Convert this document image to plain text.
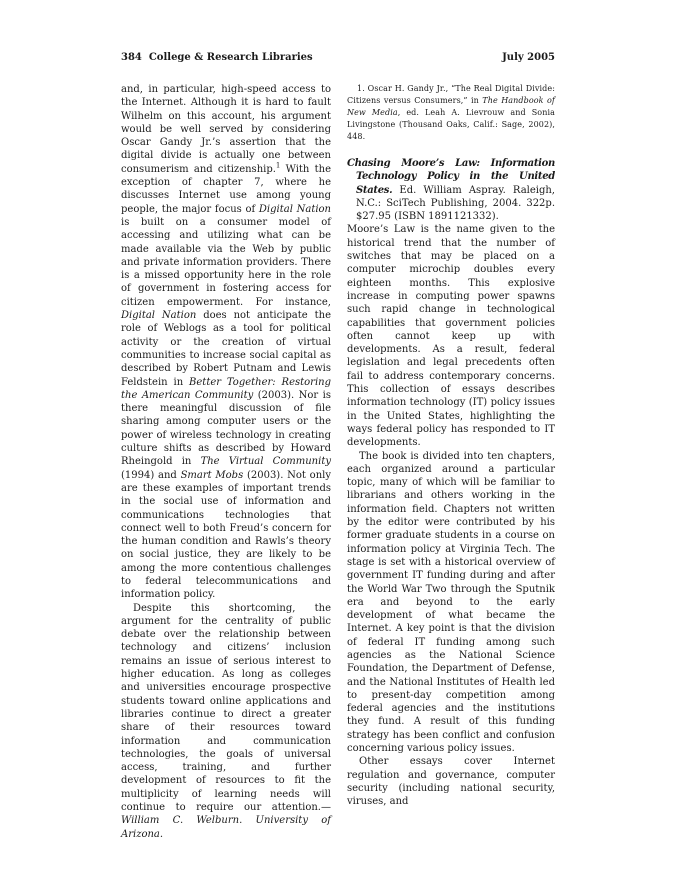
384 College & Research Libraries	July 2005

and, in particular, high-speed access to the Internet. Although it is hard to fault Wilhelm on this account, his argument would be well served by considering Oscar Gandy Jr.’s assertion that the digital divide is actually one between consumerism and citizenship.$^1$ With the exception of chapter 7, where he discusses Internet use among young people, the major focus of Digital Nation is built on a consumer model of accessing and utilizing what can be made available via the Web by public and private information providers. There is a missed opportunity here in the role of government in fostering access for citizen empowerment. For instance, Digital Nation does not anticipate the role of Weblogs as a tool for political activity or the creation of virtual communities to increase social capital as described by Robert Putnam and Lewis Feldstein in Better Together: Restoring the American Community (2003). Nor is there meaningful discussion of file sharing among computer users or the power of wireless technology in creating culture shifts as described by Howard Rheingold in The Virtual Community (1994) and Smart Mobs (2003). Not only are these examples of important trends in the social use of information and communications technologies that connect well to both Freud’s concern for the human condition and Rawls’s theory on social justice, they are likely to be among the more contentious challenges to federal telecommunications and information policy.

Despite this shortcoming, the argument for the centrality of public debate over the relationship between technology and citizens’ inclusion remains an issue of serious interest to higher education. As long as colleges and universities encourage prospective students toward online applications and libraries continue to direct a greater share of their resources toward information and communication technologies, the goals of universal access, training, and further development of resources to fit the multiplicity of learning needs will continue to require our attention.—William C. Welburn. University of Arizona.

1. Oscar H. Gandy Jr., “The Real Digital Divide: Citizens versus Consumers,” in The Handbook of New Media, ed. Leah A. Lievrouw and Sonia Livingstone (Thousand Oaks, Calif.: Sage, 2002), 448.

Chasing Moore’s Law: Information Technology Policy in the United States. Ed. William Aspray. Raleigh, N.C.: SciTech Publishing, 2004. 322p. $27.95 (ISBN 1891121332).

Moore’s Law is the name given to the historical trend that the number of switches that may be placed on a computer microchip doubles every eighteen months. This explosive increase in computing power spawns such rapid change in technological capabilities that government policies often cannot keep up with developments. As a result, federal legislation and legal precedents often fail to address contemporary concerns. This collection of essays describes information technology (IT) policy issues in the United States, highlighting the ways federal policy has responded to IT developments.

The book is divided into ten chapters, each organized around a particular topic, many of which will be familiar to librarians and others working in the information field. Chapters not written by the editor were contributed by his former graduate students in a course on information policy at Virginia Tech. The stage is set with a historical overview of government IT funding during and after the World War Two through the Sputnik era and beyond to the early development of what became the Internet. A key point is that the division of federal IT funding among such agencies as the National Science Foundation, the Department of Defense, and the National Institutes of Health led to present-day competition among federal agencies and the institutions they fund. A result of this funding strategy has been conflict and confusion concerning various policy issues.

Other essays cover Internet regulation and governance, computer security (including national security, viruses, and
